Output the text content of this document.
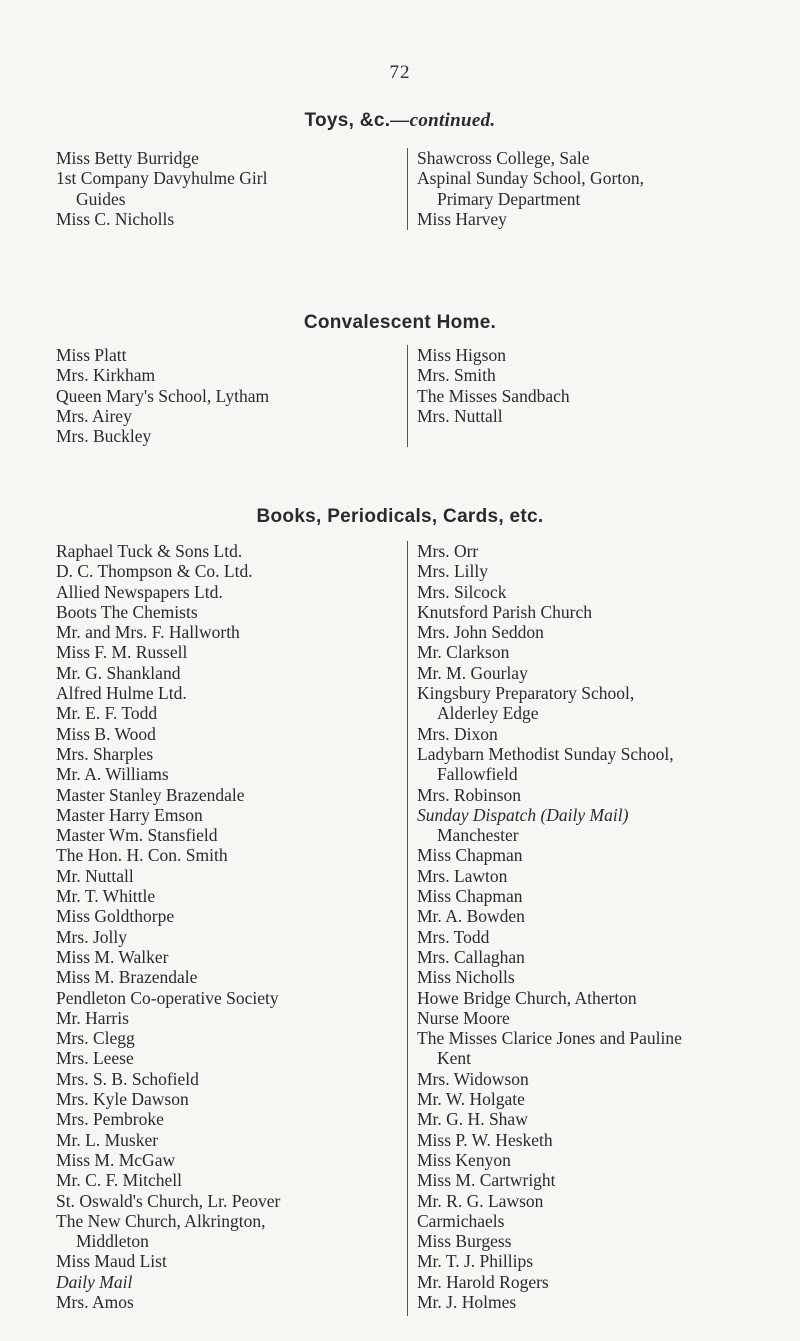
72
Toys, &c.—continued.
Miss Betty Burridge
1st Company Davyhulme Girl
Guides
Miss C. Nicholls
Shawcross College, Sale
Aspinal Sunday School, Gorton,
Primary Department
Miss Harvey
Convalescent Home.
Miss Platt
Mrs. Kirkham
Queen Mary's School, Lytham
Mrs. Airey
Mrs. Buckley
Miss Higson
Mrs. Smith
The Misses Sandbach
Mrs. Nuttall
Books, Periodicals, Cards, etc.
Raphael Tuck & Sons Ltd.
D. C. Thompson & Co. Ltd.
Allied Newspapers Ltd.
Boots The Chemists
Mr. and Mrs. F. Hallworth
Miss F. M. Russell
Mr. G. Shankland
Alfred Hulme Ltd.
Mr. E. F. Todd
Miss B. Wood
Mrs. Sharples
Mr. A. Williams
Master Stanley Brazendale
Master Harry Emson
Master Wm. Stansfield
The Hon. H. Con. Smith
Mr. Nuttall
Mr. T. Whittle
Miss Goldthorpe
Mrs. Jolly
Miss M. Walker
Miss M. Brazendale
Pendleton Co-operative Society
Mr. Harris
Mrs. Clegg
Mrs. Leese
Mrs. S. B. Schofield
Mrs. Kyle Dawson
Mrs. Pembroke
Mr. L. Musker
Miss M. McGaw
Mr. C. F. Mitchell
St. Oswald's Church, Lr. Peover
The New Church, Alkrington,
Middleton
Miss Maud List
Daily Mail
Mrs. Amos
Mrs. Orr
Mrs. Lilly
Mrs. Silcock
Knutsford Parish Church
Mrs. John Seddon
Mr. Clarkson
Mr. M. Gourlay
Kingsbury Preparatory School,
Alderley Edge
Mrs. Dixon
Ladybarn Methodist Sunday School,
Fallowfield
Mrs. Robinson
Sunday Dispatch (Daily Mail)
Manchester
Miss Chapman
Mrs. Lawton
Miss Chapman
Mr. A. Bowden
Mrs. Todd
Mrs. Callaghan
Miss Nicholls
Howe Bridge Church, Atherton
Nurse Moore
The Misses Clarice Jones and Pauline
Kent
Mrs. Widowson
Mr. W. Holgate
Mr. G. H. Shaw
Miss P. W. Hesketh
Miss Kenyon
Miss M. Cartwright
Mr. R. G. Lawson
Carmichaels
Miss Burgess
Mr. T. J. Phillips
Mr. Harold Rogers
Mr. J. Holmes
